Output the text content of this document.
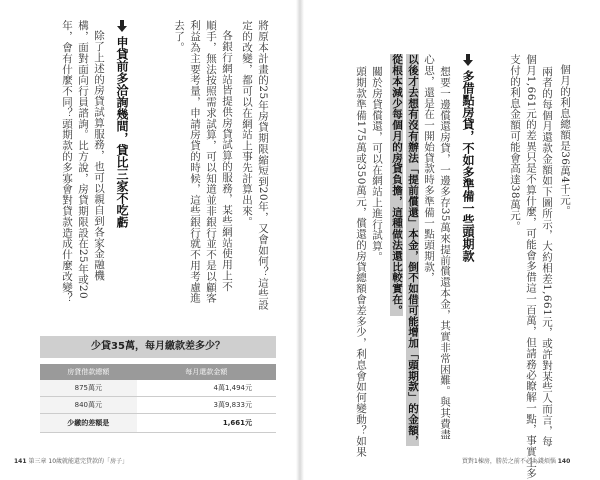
將原本計畫的25年房貸期限縮短到20年，又會如何？這些設
定的改變，都可以在網站上事先計算出來。
各銀行網站皆提供房貸試算的服務，某些網站使用上不
順手，無法按照需求試算，可以知道並非銀行並不是以顧客
利益為主要考量，申請房貸的時候，這些銀行就不用考慮進
去了。
申貸前多洽詢幾間，貸比三家不吃虧
除了上述的房貸試算服務，也可以親自到各家金融機
構，面對面向行員諮詢。比方說，房貸期限設在25年或20
年，會有什麼不同？頭期款的多寡會對貸款造成什麼改變？
少貸35萬，每月繳款差多少？
房貸借款總額	每月還款金額
875萬元	4萬1,494元
840萬元	3萬9,833元
少繳的差額是	1,661元
141 第三章 10歲就能還完貸款的「房子」
個月的利息總額是36萬4千元。
兩者的每個月還款金額如下圖所示，大約相差1,661元，或許對某些人而言，每
個月1,661元的差異只是不算什麼，可能會多借這一百萬，但請務必瞭解一點，事實上多
支付的利息金額可能會高達38萬元。
多借點房貸，不如多準備一些頭期款
想要一邊償還房貸，一邊多存35萬來提前償還本金，其實非常困難。與其費盡
心思，還是在一開始貸款時多準備一點頭期款，
以後才去想有沒有辦法「提前償還」本金，倒不如借可能增加「頭期款」的金額，
從根本減少每個月的房貸負擔，這種做法還比較實在。
關於房貸償還，可以在網站上進行試算。
頭期款準備175萬或350萬元，償還的房貸總額會差多少，利息會如何變動？如果
買對1棟房，勝於之前不必為錢煩惱 140
